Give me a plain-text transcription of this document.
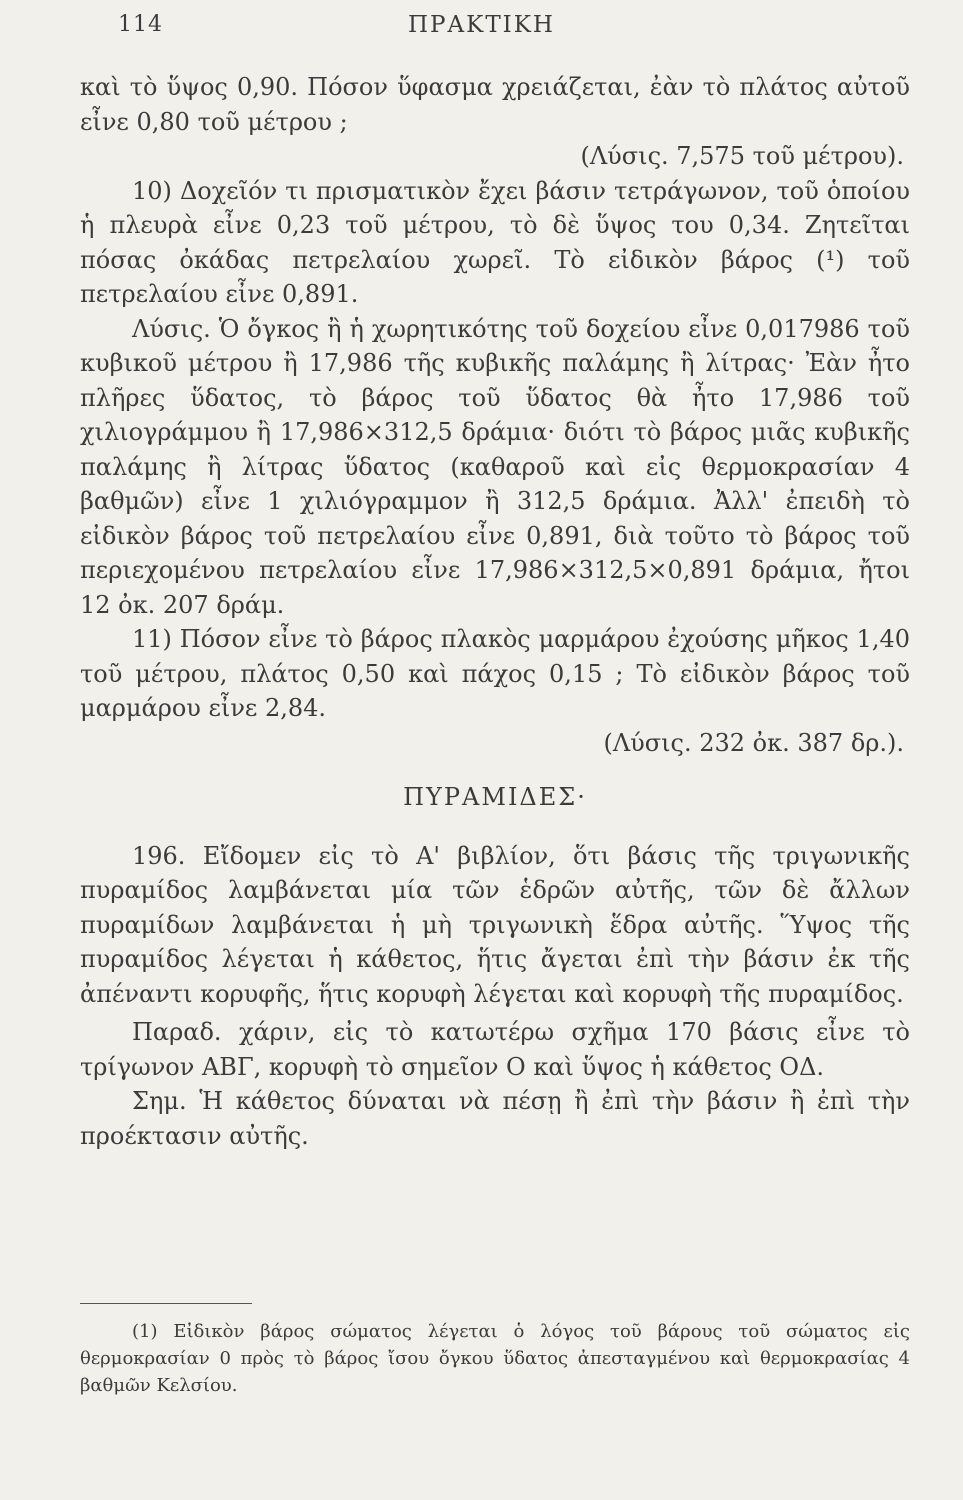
114	ΠΡΑΚΤΙΚΗ

καὶ τὸ ὕψος 0,90. Πόσον ὕφασμα χρειάζεται, ἐὰν τὸ πλάτος αὐτοῦ εἶνε 0,80 τοῦ μέτρου ;

(Λύσις. 7,575 τοῦ μέτρου).

10) Δοχεῖόν τι πρισματικὸν ἔχει βάσιν τετράγωνον, τοῦ ὁποίου ἡ πλευρὰ εἶνε 0,23 τοῦ μέτρου, τὸ δὲ ὕψος του 0,34. Ζητεῖται πόσας ὀκάδας πετρελαίου χωρεῖ. Τὸ εἰδικὸν βάρος (¹) τοῦ πετρελαίου εἶνε 0,891.

Λύσις. Ὁ ὄγκος ἢ ἡ χωρητικότης τοῦ δοχείου εἶνε 0,017986 τοῦ κυβικοῦ μέτρου ἢ 17,986 τῆς κυβικῆς παλάμης ἢ λίτρας· Ἐὰν ἦτο πλῆρες ὕδατος, τὸ βάρος τοῦ ὕδατος θὰ ἦτο 17,986 τοῦ χιλιογράμμου ἢ 17,986×312,5 δράμια· διότι τὸ βάρος μιᾶς κυβικῆς παλάμης ἢ λίτρας ὕδατος (καθαροῦ καὶ εἰς θερμοκρασίαν 4 βαθμῶν) εἶνε 1 χιλιόγραμμον ἢ 312,5 δράμια. Ἀλλ' ἐπειδὴ τὸ εἰδικὸν βάρος τοῦ πετρελαίου εἶνε 0,891, διὰ τοῦτο τὸ βάρος τοῦ περιεχομένου πετρελαίου εἶνε 17,986×312,5×0,891 δράμια, ἤτοι 12 ὀκ. 207 δράμ.

11) Πόσον εἶνε τὸ βάρος πλακὸς μαρμάρου ἐχούσης μῆκος 1,40 τοῦ μέτρου, πλάτος 0,50 καὶ πάχος 0,15 ; Τὸ εἰδικὸν βάρος τοῦ μαρμάρου εἶνε 2,84.

(Λύσις. 232 ὀκ. 387 δρ.).

ΠΥΡΑΜΙΔΕΣ·

196. Εἴδομεν εἰς τὸ Α' βιβλίον, ὅτι βάσις τῆς τριγωνικῆς πυραμίδος λαμβάνεται μία τῶν ἑδρῶν αὐτῆς, τῶν δὲ ἄλλων πυραμίδων λαμβάνεται ἡ μὴ τριγωνικὴ ἕδρα αὐτῆς. Ὕψος τῆς πυραμίδος λέγεται ἡ κάθετος, ἥτις ἄγεται ἐπὶ τὴν βάσιν ἐκ τῆς ἀπέναντι κορυφῆς, ἥτις κορυφὴ λέγεται καὶ κορυφὴ τῆς πυραμίδος.

Παραδ. χάριν, εἰς τὸ κατωτέρω σχῆμα 170 βάσις εἶνε τὸ τρίγωνον ΑΒΓ, κορυφὴ τὸ σημεῖον Ο καὶ ὕψος ἡ κάθετος ΟΔ.

Σημ. Ἡ κάθετος δύναται νὰ πέσῃ ἢ ἐπὶ τὴν βάσιν ἢ ἐπὶ τὴν προέκτασιν αὐτῆς.

(1) Εἰδικὸν βάρος σώματος λέγεται ὁ λόγος τοῦ βάρους τοῦ σώματος εἰς θερμοκρασίαν 0 πρὸς τὸ βάρος ἴσου ὄγκου ὕδατος ἀπεσταγμένου καὶ θερμοκρασίας 4 βαθμῶν Κελσίου.
